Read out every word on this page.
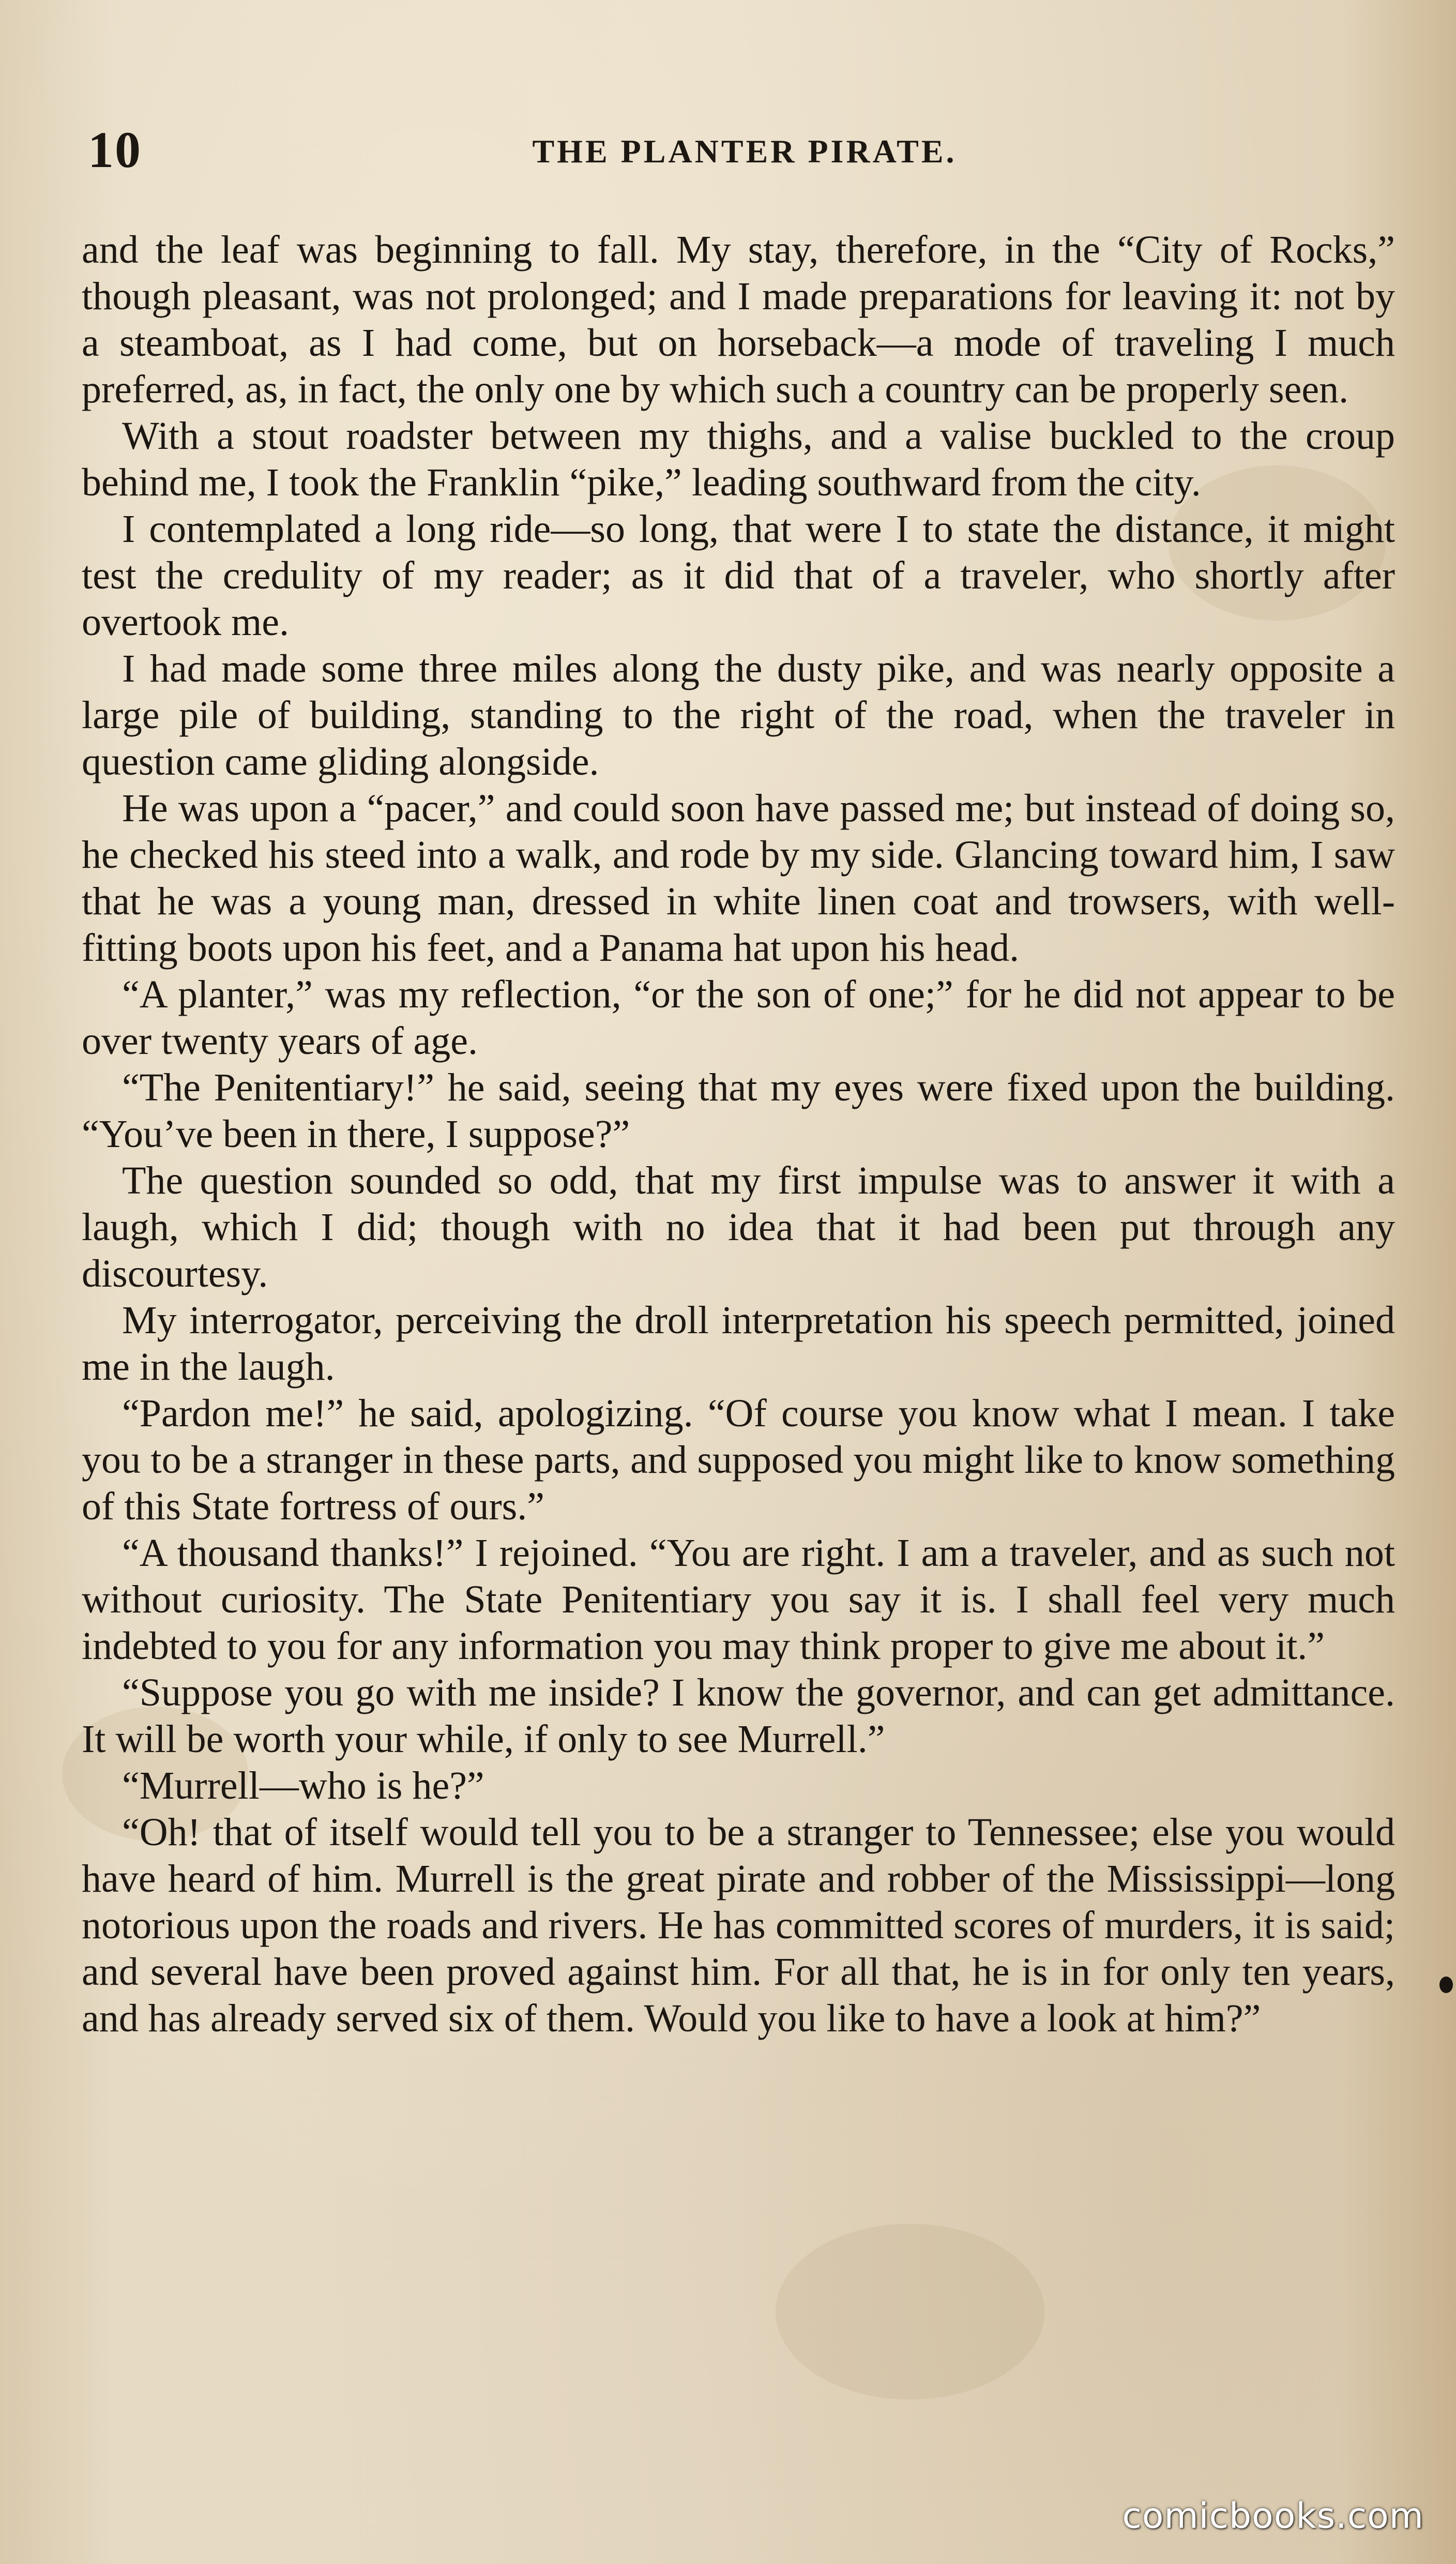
10	THE PLANTER PIRATE.

and the leaf was beginning to fall. My stay, therefore, in the “City of Rocks,” though pleasant, was not prolonged; and I made preparations for leaving it: not by a steamboat, as I had come, but on horseback—a mode of traveling I much preferred, as, in fact, the only one by which such a country can be properly seen.

With a stout roadster between my thighs, and a valise buckled to the croup behind me, I took the Franklin “pike,” leading southward from the city.

I contemplated a long ride—so long, that were I to state the distance, it might test the credulity of my reader; as it did that of a traveler, who shortly after overtook me.

I had made some three miles along the dusty pike, and was nearly opposite a large pile of building, standing to the right of the road, when the traveler in question came gliding alongside.

He was upon a “pacer,” and could soon have passed me; but instead of doing so, he checked his steed into a walk, and rode by my side. Glancing toward him, I saw that he was a young man, dressed in white linen coat and trowsers, with well-fitting boots upon his feet, and a Panama hat upon his head.

“A planter,” was my reflection, “or the son of one;” for he did not appear to be over twenty years of age.

“The Penitentiary!” he said, seeing that my eyes were fixed upon the building. “You’ve been in there, I suppose?”

The question sounded so odd, that my first impulse was to answer it with a laugh, which I did; though with no idea that it had been put through any discourtesy.

My interrogator, perceiving the droll interpretation his speech permitted, joined me in the laugh.

“Pardon me!” he said, apologizing. “Of course you know what I mean. I take you to be a stranger in these parts, and supposed you might like to know something of this State fortress of ours.”

“A thousand thanks!” I rejoined. “You are right. I am a traveler, and as such not without curiosity. The State Penitentiary you say it is. I shall feel very much indebted to you for any information you may think proper to give me about it.”

“Suppose you go with me inside? I know the governor, and can get admittance. It will be worth your while, if only to see Murrell.”

“Murrell—who is he?”

“Oh! that of itself would tell you to be a stranger to Tennessee; else you would have heard of him. Murrell is the great pirate and robber of the Mississippi—long notorious upon the roads and rivers. He has committed scores of murders, it is said; and several have been proved against him. For all that, he is in for only ten years, and has already served six of them. Would you like to have a look at him?”

comicbooks.com
